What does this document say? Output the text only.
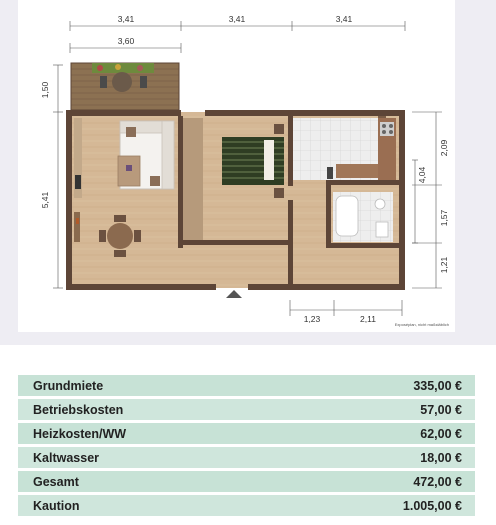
3,41	3,41	3,41
3,60
1,50
5,41
2,09
4,04
1,57
1,21
1,23	2,11
Exposéplan, nicht maßstäblich
Grundmiete	335,00 €
Betriebskosten	57,00 €
Heizkosten/WW	62,00 €
Kaltwasser	18,00 €
Gesamt	472,00 €
Kaution	1.005,00 €
